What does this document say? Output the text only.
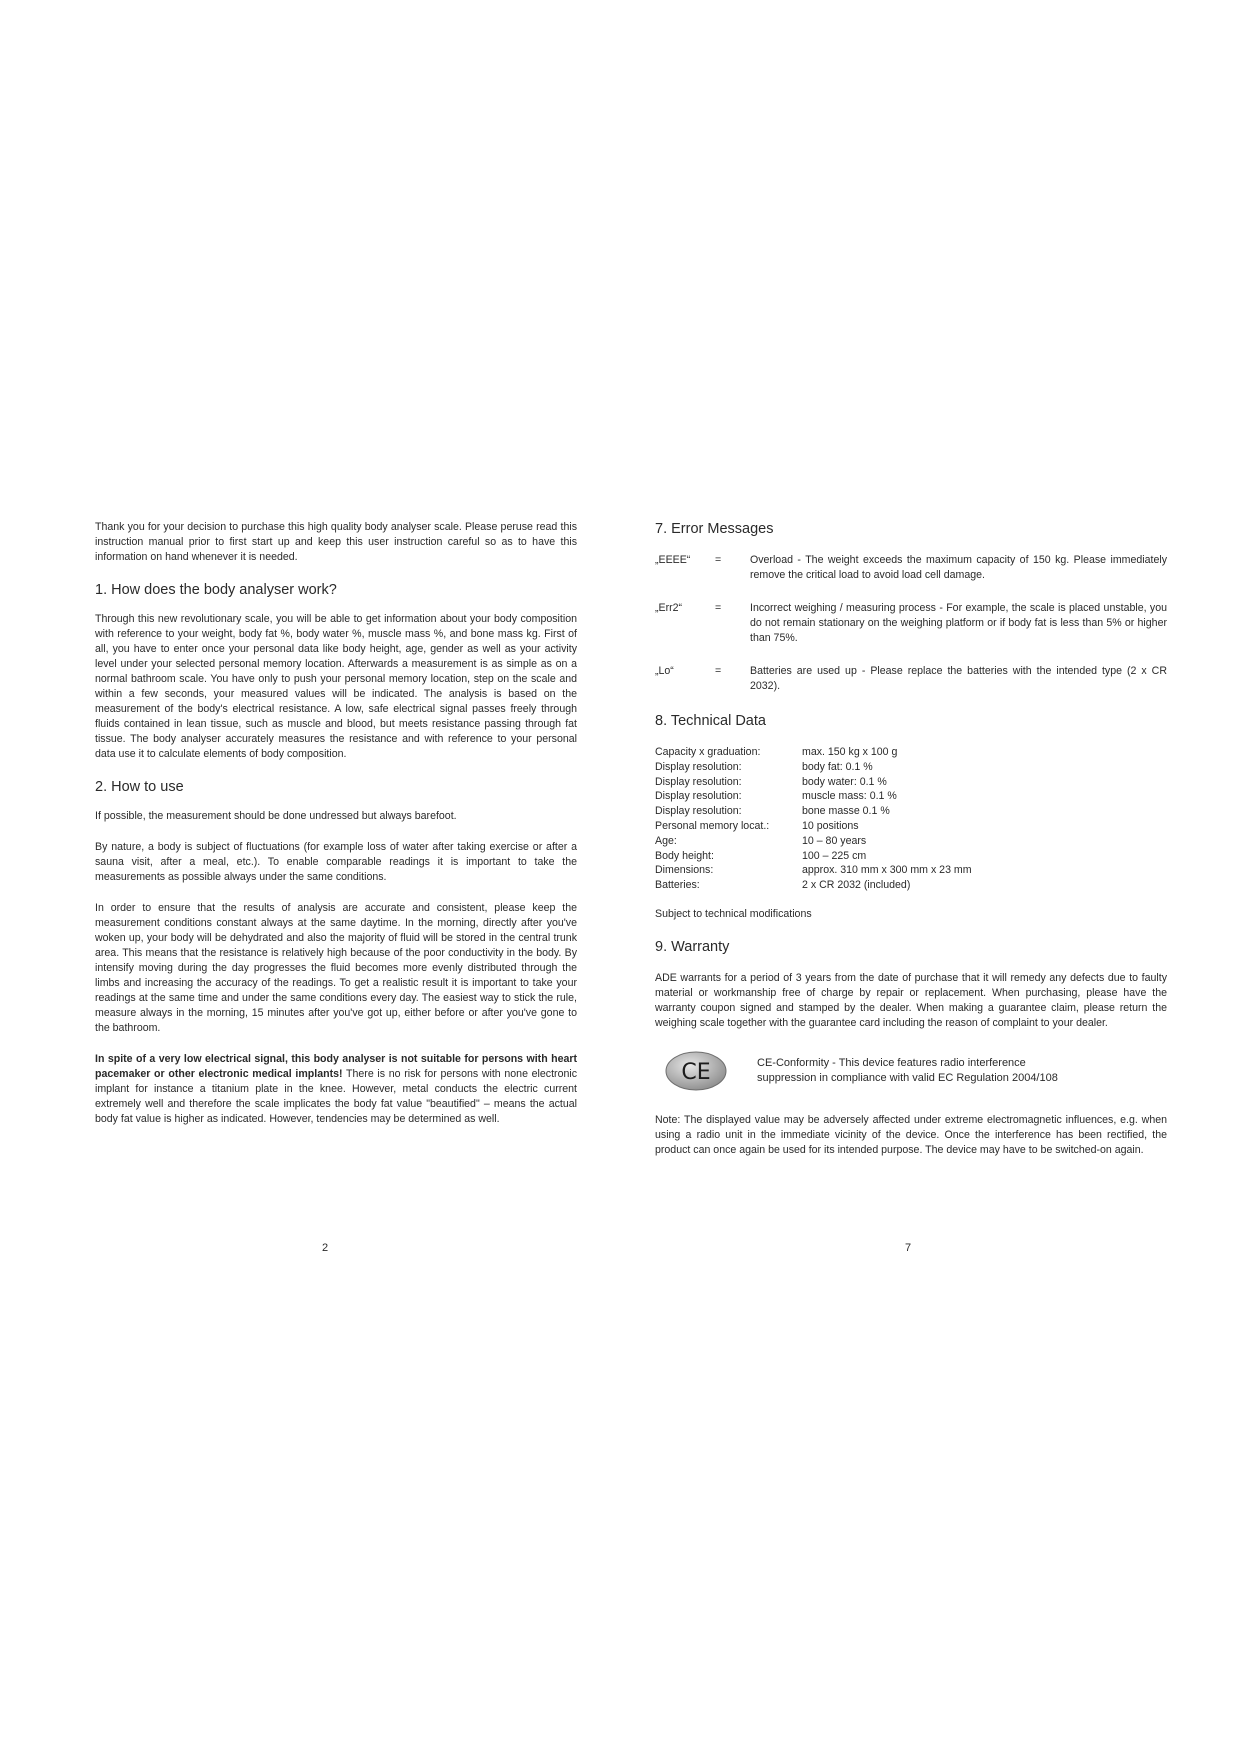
Thank you for your decision to purchase this high quality body analyser scale. Please peruse read this instruction manual prior to first start up and keep this user instruction careful so as to have this information on hand whenever it is needed.

1. How does the body analyser work?

Through this new revolutionary scale, you will be able to get information about your body composition with reference to your weight, body fat %, body water %, muscle mass %, and bone mass kg. First of all, you have to enter once your personal data like body height, age, gender as well as your activity level under your selected personal memory location. Afterwards a measurement is as simple as on a normal bathroom scale. You have only to push your personal memory location, step on the scale and within a few seconds, your measured values will be indicated. The analysis is based on the measurement of the body's electrical resistance. A low, safe electrical signal passes freely through fluids contained in lean tissue, such as muscle and blood, but meets resistance passing through fat tissue. The body analyser accurately measures the resistance and with reference to your personal data use it to calculate elements of body composition.

2. How to use

If possible, the measurement should be done undressed but always barefoot.

By nature, a body is subject of fluctuations (for example loss of water after taking exercise or after a sauna visit, after a meal, etc.). To enable comparable readings it is important to take the measurements as possible always under the same conditions.

In order to ensure that the results of analysis are accurate and consistent, please keep the measurement conditions constant always at the same daytime. In the morning, directly after you've woken up, your body will be dehydrated and also the majority of fluid will be stored in the central trunk area. This means that the resistance is relatively high because of the poor conductivity in the body. By intensify moving during the day progresses the fluid becomes more evenly distributed through the limbs and increasing the accuracy of the readings. To get a realistic result it is important to take your readings at the same time and under the same conditions every day. The easiest way to stick the rule, measure always in the morning, 15 minutes after you've got up, either before or after you've gone to the bathroom.

In spite of a very low electrical signal, this body analyser is not suitable for persons with heart pacemaker or other electronic medical implants! There is no risk for persons with none electronic implant for instance a titanium plate in the knee. However, metal conducts the electric current extremely well and therefore the scale implicates the body fat value "beautified" – means the actual body fat value is higher as indicated. However, tendencies may be determined as well.

7. Error Messages
„EEEE“	=	Overload - The weight exceeds the maximum capacity of 150 kg. Please immediately remove the critical load to avoid load cell damage.
„Err2“	=	Incorrect weighing / measuring process - For example, the scale is placed unstable, you do not remain stationary on the weighing platform or if body fat is less than 5% or higher than 75%.
„Lo“	=	Batteries are used up - Please replace the batteries with the intended type (2 x CR 2032).
8. Technical Data
Capacity x graduation:	max. 150 kg x 100 g
Display resolution:	body fat: 0.1 %
Display resolution:	body water: 0.1 %
Display resolution:	muscle mass: 0.1 %
Display resolution:	bone masse 0.1 %
Personal memory locat.:	10 positions
Age:	10 – 80 years
Body height:	100 – 225 cm
Dimensions:	approx. 310 mm x 300 mm x 23 mm
Batteries:	2 x CR 2032 (included)

Subject to technical modifications

9. Warranty

ADE warrants for a period of 3 years from the date of purchase that it will remedy any defects due to faulty material or workmanship free of charge by repair or replacement. When purchasing, please have the warranty coupon signed and stamped by the dealer. When making a guarantee claim, please return the weighing scale together with the guarantee card including the reason of complaint to your dealer.

CE	CE-Conformity - This device features radio interference
suppression in compliance with valid EC Regulation 2004/108

Note: The displayed value may be adversely affected under extreme electromagnetic influences, e.g. when using a radio unit in the immediate vicinity of the device. Once the interference has been rectified, the product can once again be used for its intended purpose. The device may have to be switched-on again.

2	7
